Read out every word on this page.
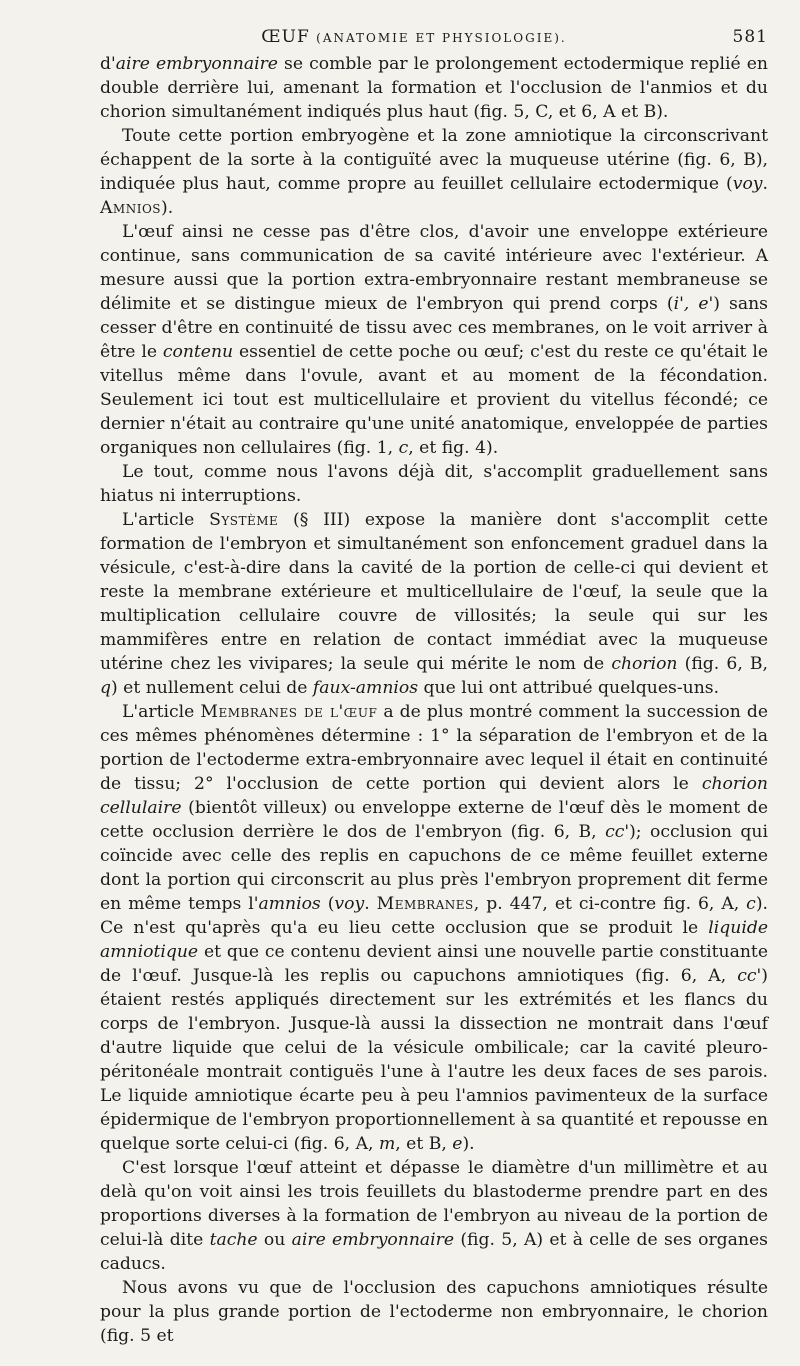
ŒUF (ANATOMIE ET PHYSIOLOGIE).	581

d'aire embryonnaire se comble par le prolongement ectodermique replié en double derrière lui, amenant la formation et l'occlusion de l'anmios et du chorion simultanément indiqués plus haut (fig. 5, C, et 6, A et B).

Toute cette portion embryogène et la zone amniotique la circonscrivant échappent de la sorte à la contiguïté avec la muqueuse utérine (fig. 6, B), indiquée plus haut, comme propre au feuillet cellulaire ectodermique (voy. Amnios).

L'œuf ainsi ne cesse pas d'être clos, d'avoir une enveloppe extérieure continue, sans communication de sa cavité intérieure avec l'extérieur. A mesure aussi que la portion extra-embryonnaire restant membraneuse se délimite et se distingue mieux de l'embryon qui prend corps (i', e') sans cesser d'être en continuité de tissu avec ces membranes, on le voit arriver à être le contenu essentiel de cette poche ou œuf; c'est du reste ce qu'était le vitellus même dans l'ovule, avant et au moment de la fécondation. Seulement ici tout est multicellulaire et provient du vitellus fécondé; ce dernier n'était au contraire qu'une unité anatomique, enveloppée de parties organiques non cellulaires (fig. 1, c, et fig. 4).

Le tout, comme nous l'avons déjà dit, s'accomplit graduellement sans hiatus ni interruptions.

L'article Système (§ III) expose la manière dont s'accomplit cette formation de l'embryon et simultanément son enfoncement graduel dans la vésicule, c'est-à-dire dans la cavité de la portion de celle-ci qui devient et reste la membrane extérieure et multicellulaire de l'œuf, la seule que la multiplication cellulaire couvre de villosités; la seule qui sur les mammifères entre en relation de contact immédiat avec la muqueuse utérine chez les vivipares; la seule qui mérite le nom de chorion (fig. 6, B, q) et nullement celui de faux-amnios que lui ont attribué quelques-uns.

L'article Membranes de l'œuf a de plus montré comment la succession de ces mêmes phénomènes détermine : 1° la séparation de l'embryon et de la portion de l'ectoderme extra-embryonnaire avec lequel il était en continuité de tissu; 2° l'occlusion de cette portion qui devient alors le chorion cellulaire (bientôt villeux) ou enveloppe externe de l'œuf dès le moment de cette occlusion derrière le dos de l'embryon (fig. 6, B, cc'); occlusion qui coïncide avec celle des replis en capuchons de ce même feuillet externe dont la portion qui circonscrit au plus près l'embryon proprement dit ferme en même temps l'amnios (voy. Membranes, p. 447, et ci-contre fig. 6, A, c). Ce n'est qu'après qu'a eu lieu cette occlusion que se produit le liquide amniotique et que ce contenu devient ainsi une nouvelle partie constituante de l'œuf. Jusque-là les replis ou capuchons amniotiques (fig. 6, A, cc') étaient restés appliqués directement sur les extrémités et les flancs du corps de l'embryon. Jusque-là aussi la dissection ne montrait dans l'œuf d'autre liquide que celui de la vésicule ombilicale; car la cavité pleuro-péritonéale montrait contiguës l'une à l'autre les deux faces de ses parois. Le liquide amniotique écarte peu à peu l'amnios pavimenteux de la surface épidermique de l'embryon proportionnellement à sa quantité et repousse en quelque sorte celui-ci (fig. 6, A, m, et B, e).

C'est lorsque l'œuf atteint et dépasse le diamètre d'un millimètre et au delà qu'on voit ainsi les trois feuillets du blastoderme prendre part en des proportions diverses à la formation de l'embryon au niveau de la portion de celui-là dite tache ou aire embryonnaire (fig. 5, A) et à celle de ses organes caducs.

Nous avons vu que de l'occlusion des capuchons amniotiques résulte pour la plus grande portion de l'ectoderme non embryonnaire, le chorion (fig. 5 et
